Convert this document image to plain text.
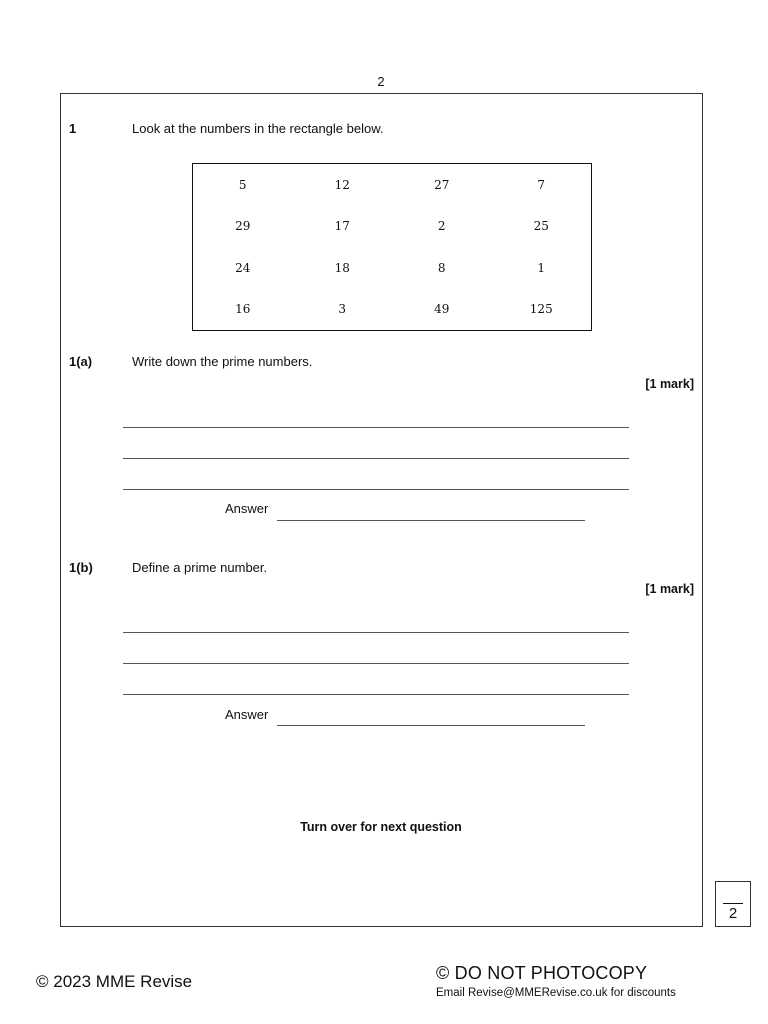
2
1	Look at the numbers in the rectangle below.
5	12	27	7
29	17	2	25
24	18	8	1
16	3	49	125
1(a)	Write down the prime numbers.
[1 mark]
Answer
1(b)	Define a prime number.
[1 mark]
Answer
Turn over for next question
2
© 2023 MME Revise	© DO NOT PHOTOCOPY
Email Revise@MMERevise.co.uk for discounts
